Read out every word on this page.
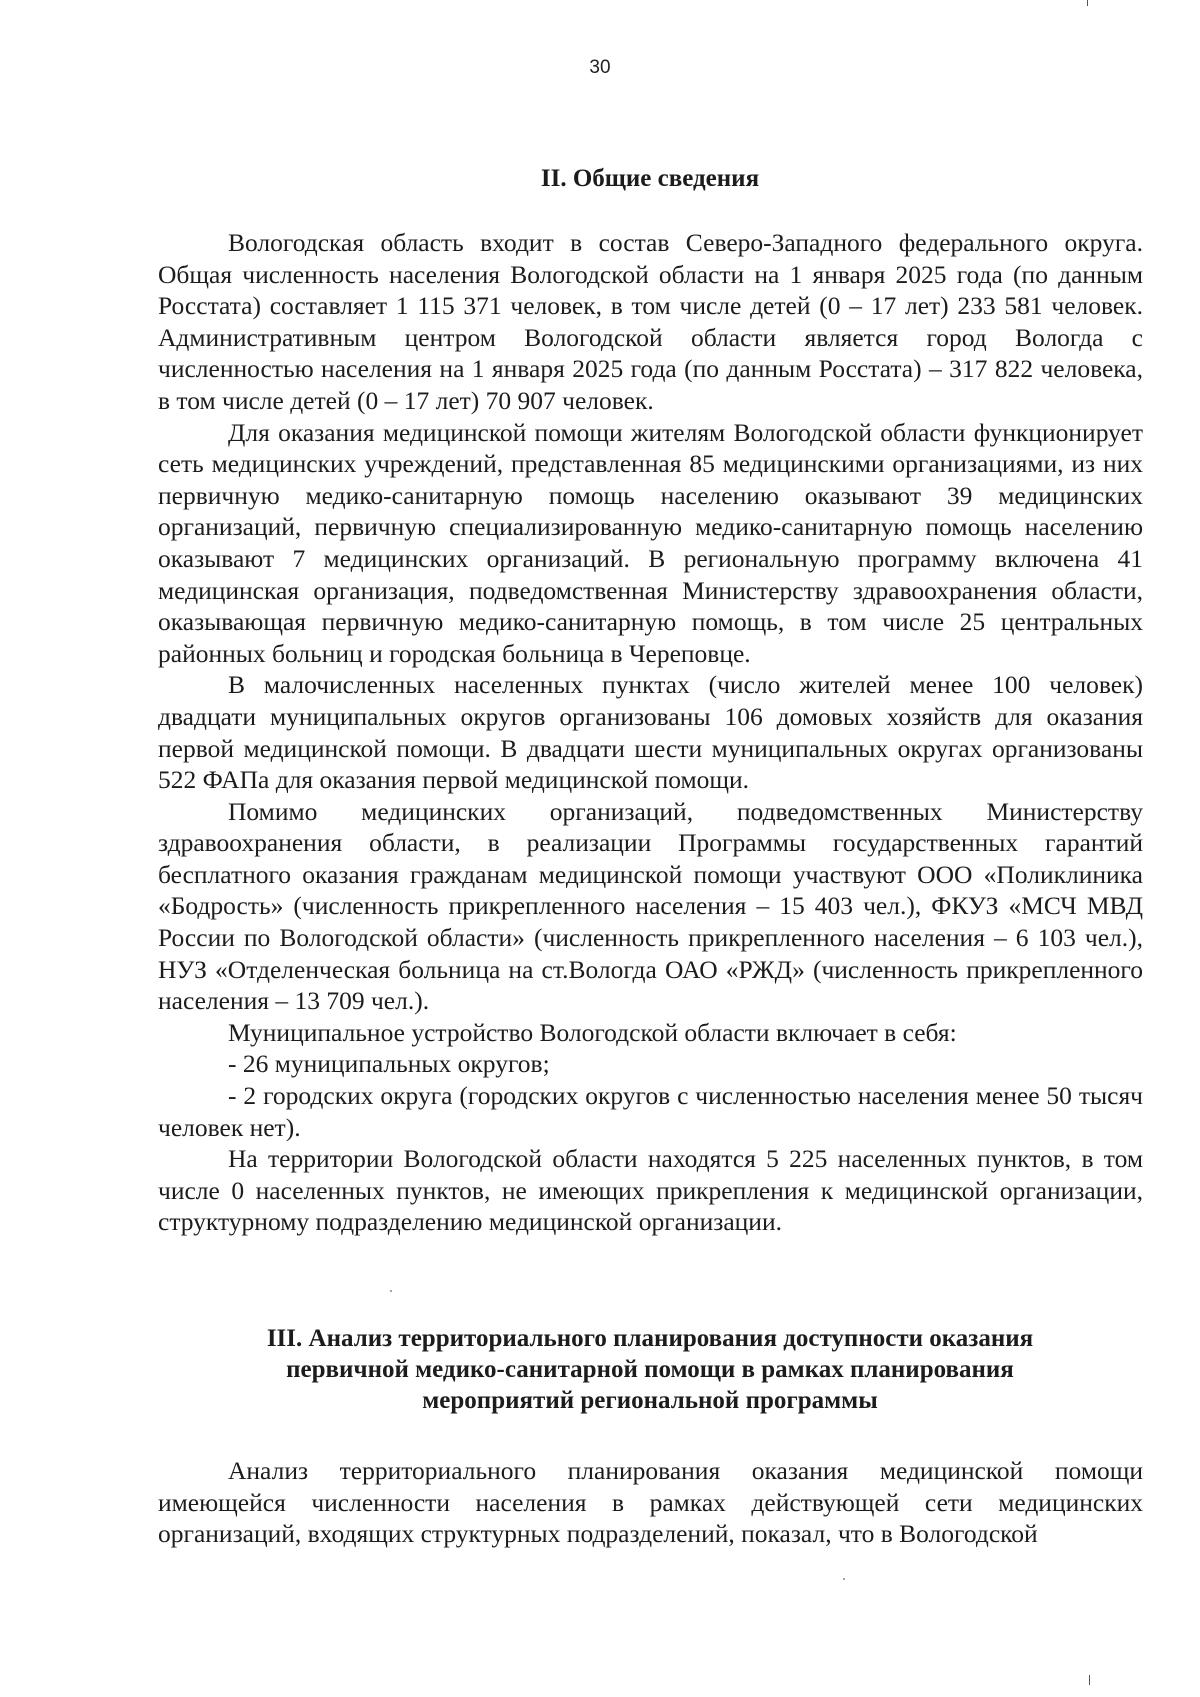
30
II. Общие сведения

Вологодская область входит в состав Северо-Западного федерального округа. Общая численность населения Вологодской области на 1 января 2025 года (по данным Росстата) составляет 1 115 371 человек, в том числе детей (0 – 17 лет) 233 581 человек. Административным центром Вологодской области является город Вологда с численностью населения на 1 января 2025 года (по данным Росстата) – 317 822 человека, в том числе детей (0 – 17 лет) 70 907 человек.

Для оказания медицинской помощи жителям Вологодской области функционирует сеть медицинских учреждений, представленная 85 медицинскими организациями, из них первичную медико-санитарную помощь населению оказывают 39 медицинских организаций, первичную специализированную медико-санитарную помощь населению оказывают 7 медицинских организаций. В региональную программу включена 41 медицинская организация, подведомственная Министерству здравоохранения области, оказывающая первичную медико-санитарную помощь, в том числе 25 центральных районных больниц и городская больница в Череповце.

В малочисленных населенных пунктах (число жителей менее 100 человек) двадцати муниципальных округов организованы 106 домовых хозяйств для оказания первой медицинской помощи. В двадцати шести муниципальных округах организованы 522 ФАПа для оказания первой медицинской помощи.

Помимо медицинских организаций, подведомственных Министерству здравоохранения области, в реализации Программы государственных гарантий бесплатного оказания гражданам медицинской помощи участвуют ООО «Поликлиника «Бодрость» (численность прикрепленного населения – 15 403 чел.), ФКУЗ «МСЧ МВД России по Вологодской области» (численность прикрепленного населения – 6 103 чел.), НУЗ «Отделенческая больница на ст.Вологда ОАО «РЖД» (численность прикрепленного населения – 13 709 чел.).

Муниципальное устройство Вологодской области включает в себя:

- 26 муниципальных округов;

- 2 городских округа (городских округов с численностью населения менее 50 тысяч человек нет).

На территории Вологодской области находятся 5 225 населенных пунктов, в том числе 0 населенных пунктов, не имеющих прикрепления к медицинской организации, структурному подразделению медицинской организации.

III. Анализ территориального планирования доступности оказания
первичной медико-санитарной помощи в рамках планирования
мероприятий региональной программы

Анализ территориального планирования оказания медицинской помощи имеющейся численности населения в рамках действующей сети медицинских организаций, входящих структурных подразделений, показал, что в Вологодской
